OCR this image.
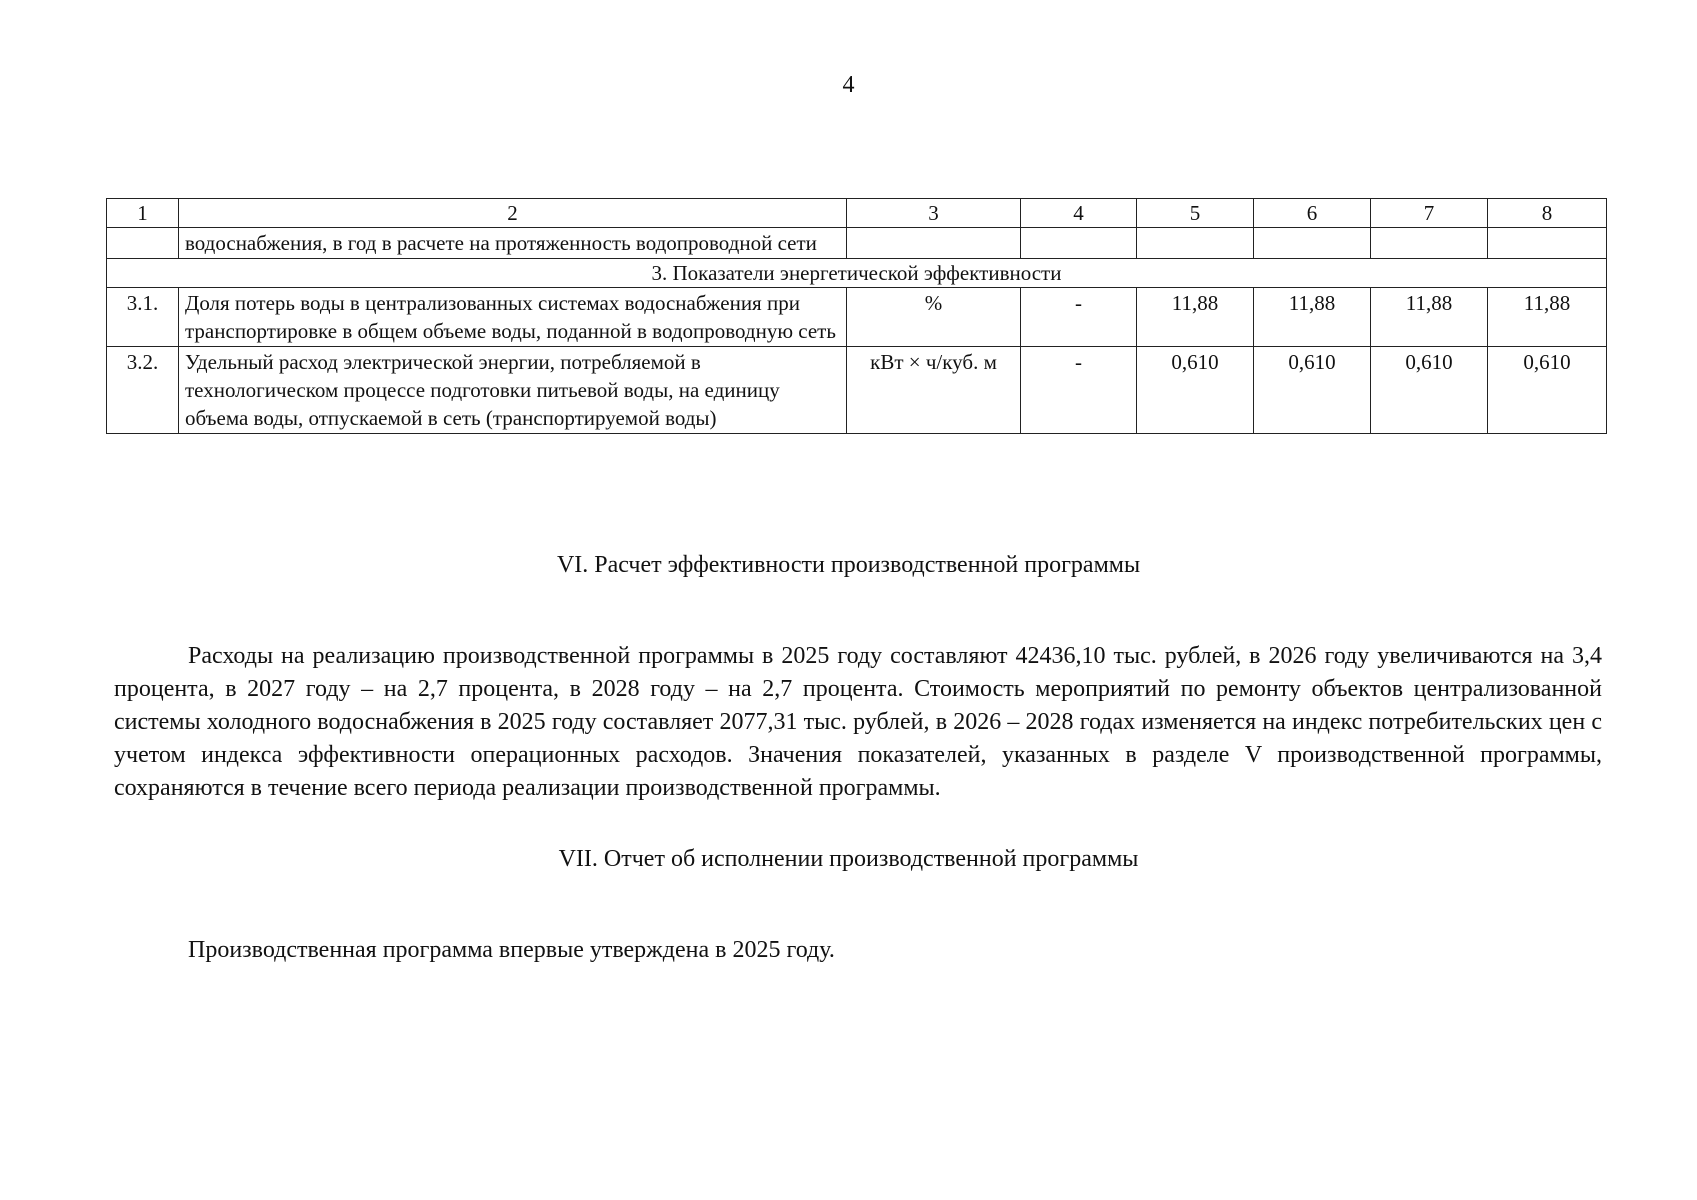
4
1	2	3	4	5	6	7	8
	водоснабжения, в год в расчете на протяженность водопроводной сети						
3. Показатели энергетической эффективности							
3.1.	Доля потерь воды в централизованных системах водоснабжения при транспортировке в общем объеме воды, поданной в водопроводную сеть	%	-	11,88	11,88	11,88	11,88
3.2.	Удельный расход электрической энергии, потребляемой в технологическом процессе подготовки питьевой воды, на единицу объема воды, отпускаемой в сеть (транспортируемой воды)	кВт × ч/куб. м	-	0,610	0,610	0,610	0,610
VI. Расчет эффективности производственной программы

Расходы на реализацию производственной программы в 2025 году составляют 42436,10 тыс. рублей, в 2026 году увеличиваются на 3,4 процента, в 2027 году – на 2,7 процента, в 2028 году – на 2,7 процента. Стоимость мероприятий по ремонту объектов централизованной системы холодного водоснабжения в 2025 году составляет 2077,31 тыс. рублей, в 2026 – 2028 годах изменяется на индекс потребительских цен с учетом индекса эффективности операционных расходов. Значения показателей, указанных в разделе V производственной программы, сохраняются в течение всего периода реализации производственной программы.

VII. Отчет об исполнении производственной программы

Производственная программа впервые утверждена в 2025 году.
